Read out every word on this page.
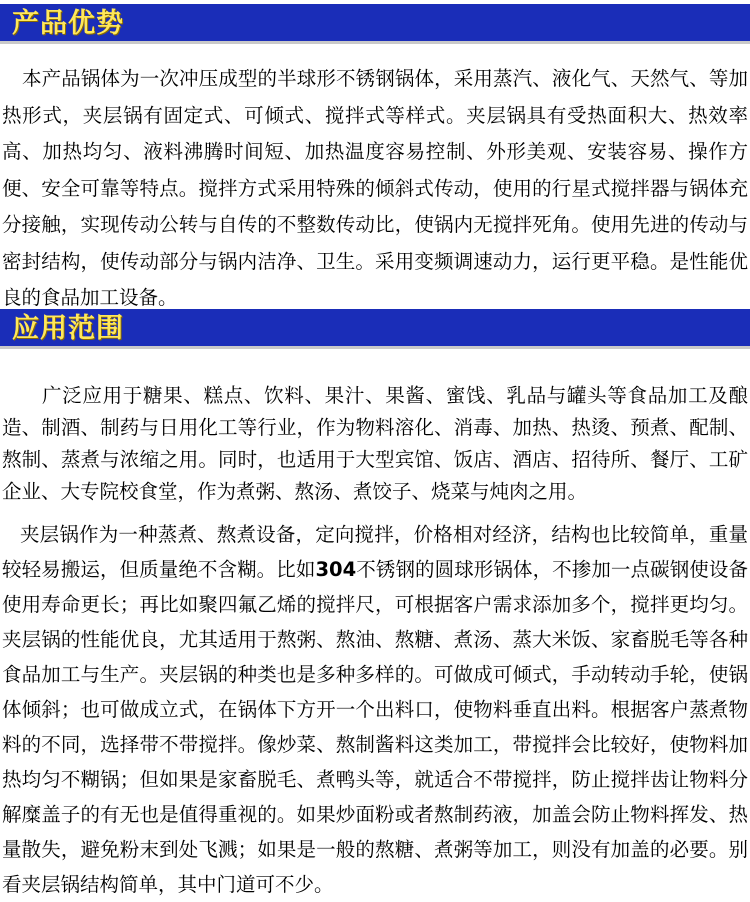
产品优势

本产品锅体为一次冲压成型的半球形不锈钢锅体，采用蒸汽、液化气、天然气、等加热形式，夹层锅有固定式、可倾式、搅拌式等样式。夹层锅具有受热面积大、热效率高、加热均匀、液料沸腾时间短、加热温度容易控制、外形美观、安装容易、操作方便、安全可靠等特点。搅拌方式采用特殊的倾斜式传动，使用的行星式搅拌器与锅体充分接触，实现传动公转与自传的不整数传动比，使锅内无搅拌死角。使用先进的传动与密封结构，使传动部分与锅内洁净、卫生。采用变频调速动力，运行更平稳。是性能优良的食品加工设备。

应用范围

广泛应用于糖果、糕点、饮料、果汁、果酱、蜜饯、乳品与罐头等食品加工及酿造、制酒、制药与日用化工等行业，作为物料溶化、消毒、加热、热烫、预煮、配制、熬制、蒸煮与浓缩之用。同时，也适用于大型宾馆、饭店、酒店、招待所、餐厅、工矿企业、大专院校食堂，作为煮粥、熬汤、煮饺子、烧菜与炖肉之用。

夹层锅作为一种蒸煮、熬煮设备，定向搅拌，价格相对经济，结构也比较简单，重量较轻易搬运，但质量绝不含糊。比如304不锈钢的圆球形锅体，不掺加一点碳钢使设备使用寿命更长；再比如聚四氟乙烯的搅拌尺，可根据客户需求添加多个，搅拌更均匀。夹层锅的性能优良，尤其适用于熬粥、熬油、熬糖、煮汤、蒸大米饭、家畜脱毛等各种食品加工与生产。夹层锅的种类也是多种多样的。可做成可倾式，手动转动手轮，使锅体倾斜；也可做成立式，在锅体下方开一个出料口，使物料垂直出料。根据客户蒸煮物料的不同，选择带不带搅拌。像炒菜、熬制酱料这类加工，带搅拌会比较好，使物料加热均匀不糊锅；但如果是家畜脱毛、煮鸭头等，就适合不带搅拌，防止搅拌齿让物料分解糜盖子的有无也是值得重视的。如果炒面粉或者熬制药液，加盖会防止物料挥发、热量散失，避免粉末到处飞溅；如果是一般的熬糖、煮粥等加工，则没有加盖的必要。别看夹层锅结构简单，其中门道可不少。
